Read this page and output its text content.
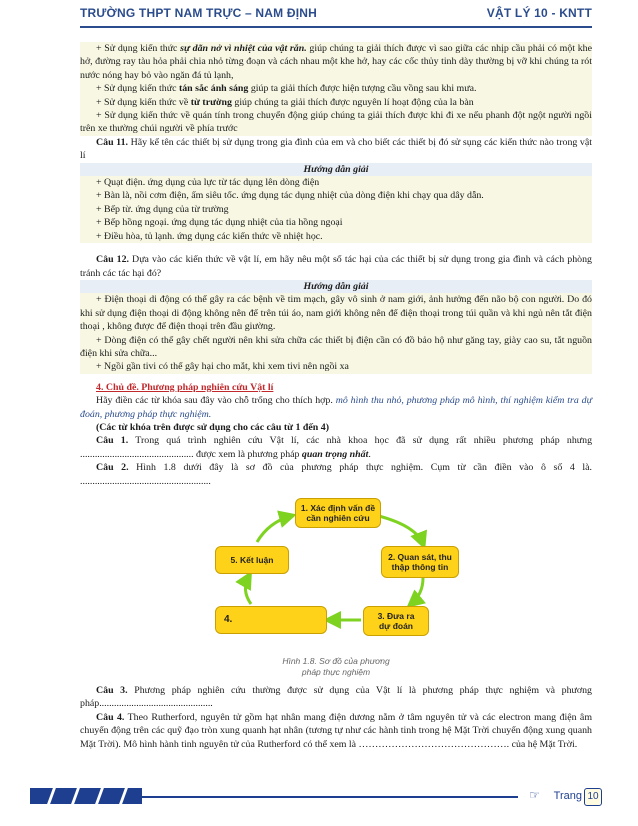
TRƯỜNG THPT NAM TRỰC – NAM ĐỊNH	VẬT LÝ 10 - KNTT

+ Sử dụng kiến thức sự dãn nở vì nhiệt của vật rắn. giúp chúng ta giải thích được vì sao giữa các nhịp cầu phải có một khe hở, đường ray tàu hỏa phải chia nhỏ từng đoạn và cách nhau một khe hở, hay các cốc thủy tinh dày thường bị vỡ khi chúng ta rót nước nóng hay bỏ vào ngăn đá tủ lạnh,

+ Sử dụng kiến thức tán sắc ánh sáng giúp ta giải thích được hiện tượng cầu vồng sau khi mưa.

+ Sử dụng kiến thức về từ trường giúp chúng ta giải thích được nguyên lí hoạt động của la bàn

+ Sử dụng kiến thức về quán tính trong chuyển động giúp chúng ta giải thích được khi đi xe nếu phanh đột ngột người ngồi trên xe thường chúi người về phía trước

Câu 11. Hãy kể tên các thiết bị sử dụng trong gia đình của em và cho biết các thiết bị đó sử sụng các kiến thức nào trong vật lí

Hướng dẫn giải

+ Quạt điện. ứng dụng của lực từ tác dụng lên dòng điện

+ Bàn là, nồi cơm điện, ấm siêu tốc. ứng dụng tác dụng nhiệt của dòng điện khi chạy qua dây dẫn.

+ Bếp từ. ứng dụng của từ trường

+ Bếp hồng ngoại. ứng dụng tác dụng nhiệt của tia hồng ngoại

+ Điều hòa, tủ lạnh. ứng dụng các kiến thức về nhiệt học.

Câu 12. Dựa vào các kiến thức về vật lí, em hãy nêu một số tác hại của các thiết bị sử dụng trong gia đình và cách phòng tránh các tác hại đó?

Hướng dẫn giải

+ Điện thoại di động có thể gây ra các bệnh về tim mạch, gây vô sinh ở nam giới, ảnh hưởng đến não bộ con người. Do đó khi sử dụng điện thoại di động không nên để trên túi áo, nam giới không nên để điện thoại trong túi quần và khi ngủ nên tắt điện thoại , không được để điện thoại trên đầu giường.

+ Dòng điện có thể gây chết người nên khi sửa chữa các thiết bị điện cần có đồ bảo hộ như găng tay, giày cao su, tắt nguồn điện khi sửa chữa...

+ Ngồi gần tivi có thể gây hại cho mắt, khi xem tivi nên ngồi xa

4. Chủ đề. Phương pháp nghiên cứu Vật lí

Hãy điền các từ khóa sau đây vào chỗ trống cho thích hợp. mô hình thu nhỏ, phương pháp mô hình, thí nghiệm kiểm tra dự đoán, phương pháp thực nghiệm.

(Các từ khóa trên được sử dụng cho các câu từ 1 đến 4)

Câu 1. Trong quá trình nghiên cứu Vật lí, các nhà khoa học đã sử dụng rất nhiều phương pháp nhưng .............................................. được xem là phương pháp quan trọng nhất.

Câu 2. Hình 1.8 dưới đây là sơ đồ của phương pháp thực nghiệm. Cụm từ cần điền vào ô số 4 là. .....................................................

1. Xác định vấn đề
cần nghiên cứu
2. Quan sát, thu
thập thông tin
3. Đưa ra
dự đoán
4.
5. Kết luận
Hình 1.8. Sơ đồ của phương
pháp thực nghiệm

Câu 3. Phương pháp nghiên cứu thường được sử dụng của Vật lí là phương pháp thực nghiệm và phương pháp..............................................

Câu 4. Theo Rutherford, nguyên tử gồm hạt nhân mang điện dương nằm ở tâm nguyên tử và các electron mang điện âm chuyển động trên các quỹ đạo tròn xung quanh hạt nhân (tương tự như các hành tinh trong hệ Mặt Trời chuyển động xung quanh Mặt Trời). Mô hình hành tinh nguyên tử của Rutherford có thể xem là ………………………………………. của hệ Mặt Trời.

☞ Trang 10
